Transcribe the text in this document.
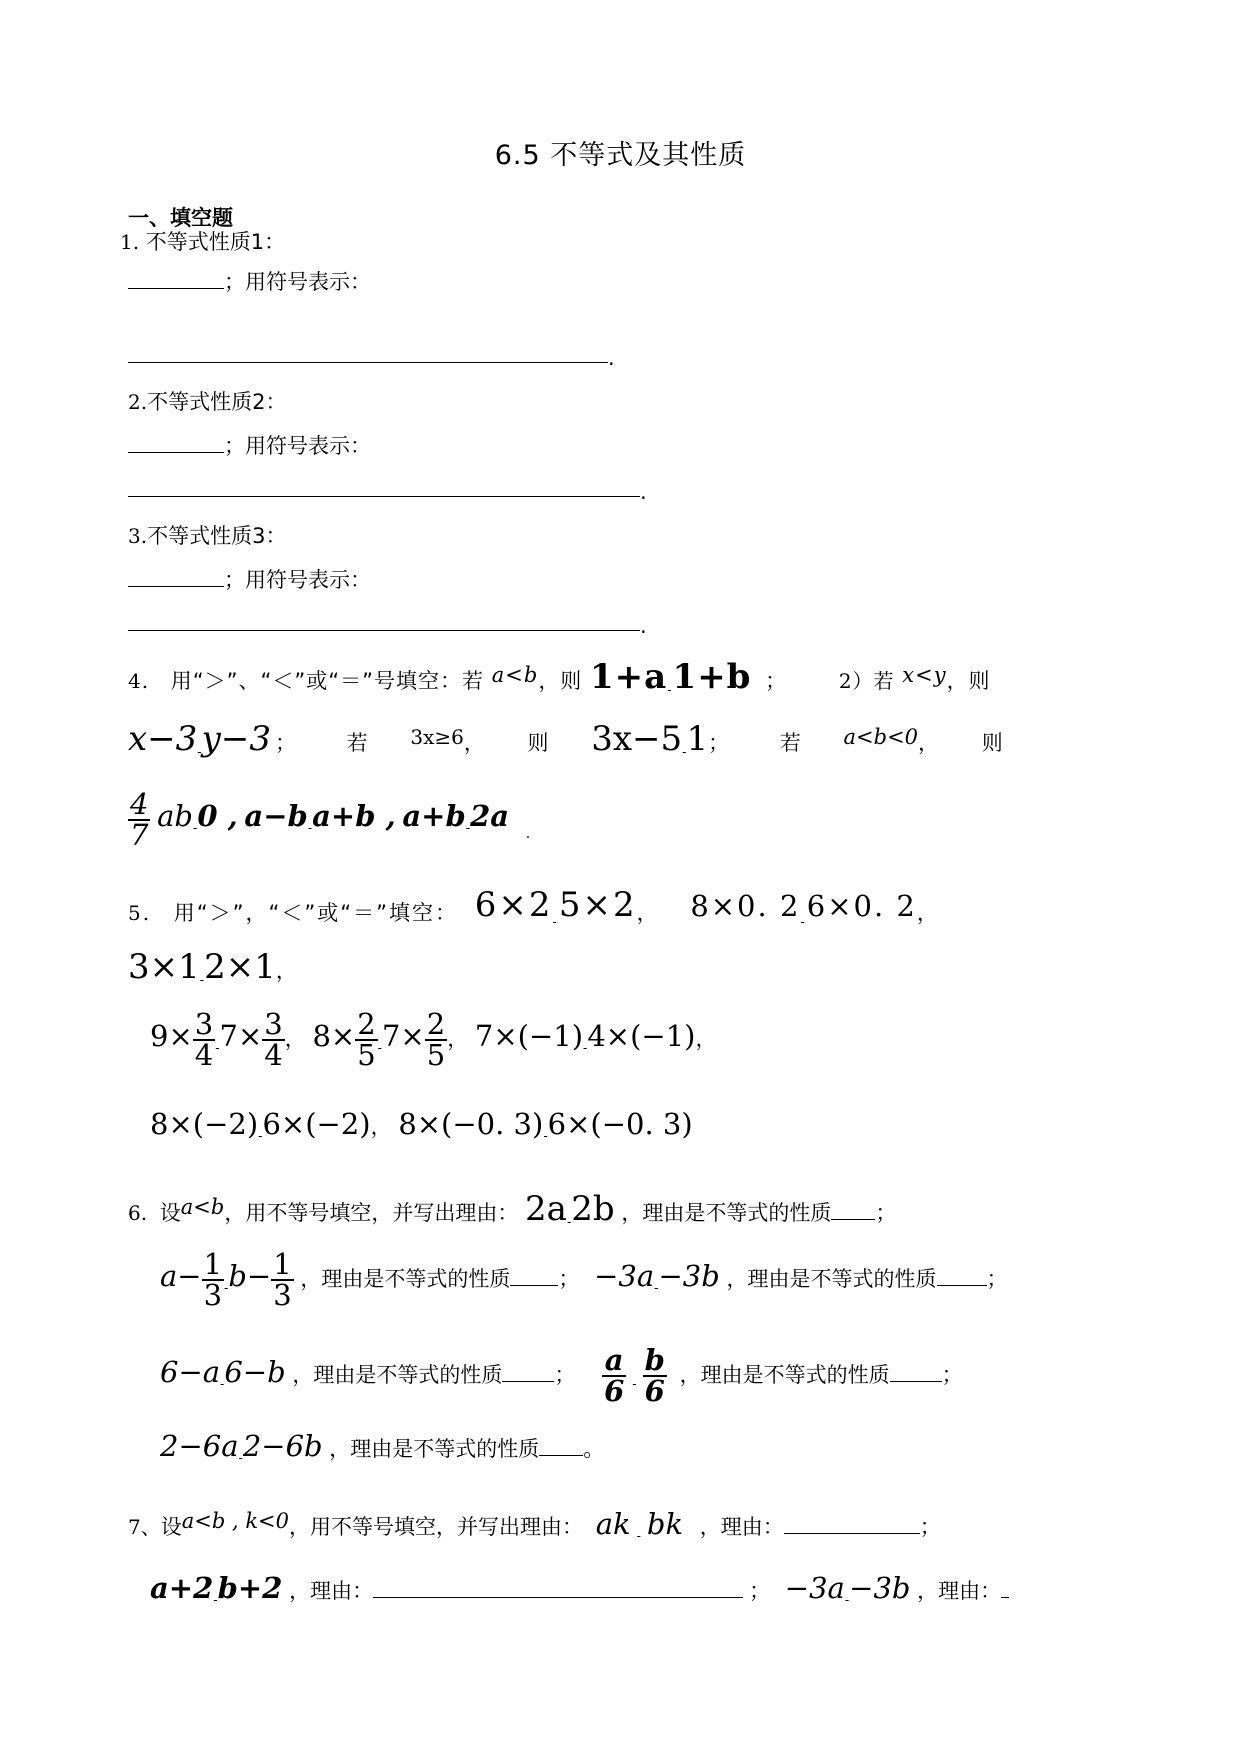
6.5 不等式及其性质
一、填空题
1. 不等式性质1：
；用符号表示：
.
2.不等式性质2：
；用符号表示：
.
3.不等式性质3：
；用符号表示：
.
4. 用“＞”、“＜”或“＝”号填空：若 a<b，则 $1+a_-1+b$ ；	2）若 x<y，则
$x-3_-y-3$ ； 若 3x≥6， 则 $3x-5_-1$； 若 a<b<0， 则
$\frac{4}{7} ab_-0$ , $a-b_-a+b$ , $a+b_-2a$ $_.$
5. 用“＞”，“＜”或“＝”填空： $6\times 2_-5\times 2$， 8×0. $2_-6\times 0$. 2，
$3\times 1_-2\times 1$，
$9\times \frac{3}{4} _-7\times \frac{3}{4}$ ， $8\times \frac{2}{5} _-7\times \frac{2}{5}$ ， $7\times(-1)_-4\times(-1)$，
$8\times(-2)_-6\times(-2)$， 8×(−0. $3)_-6\times(-0$. 3)
6. 设a<b，用不等号填空，并写出理由： $2a_-2b$ ，理由是不等式的性质 ；
$a- \frac{1}{3} _-b- \frac{1}{3}$ ，理由是不等式的性质 ； $-3a_--3b$ ，理由是不等式的性质 ；
$6-a_-6-b$ ，理由是不等式的性质 ； $\frac{a}{6} _- \frac{b}{6}$ ，理由是不等式的性质 ；
$2-6a_-2-6b$ ，理由是不等式的性质 。
7、设a<b , k<0，用不等号填空，并写出理由： ak $_-$ bk ，理由：	；
$a+2_-b+2$ ，理由：	； $-3a_--3b$ ，理由：
